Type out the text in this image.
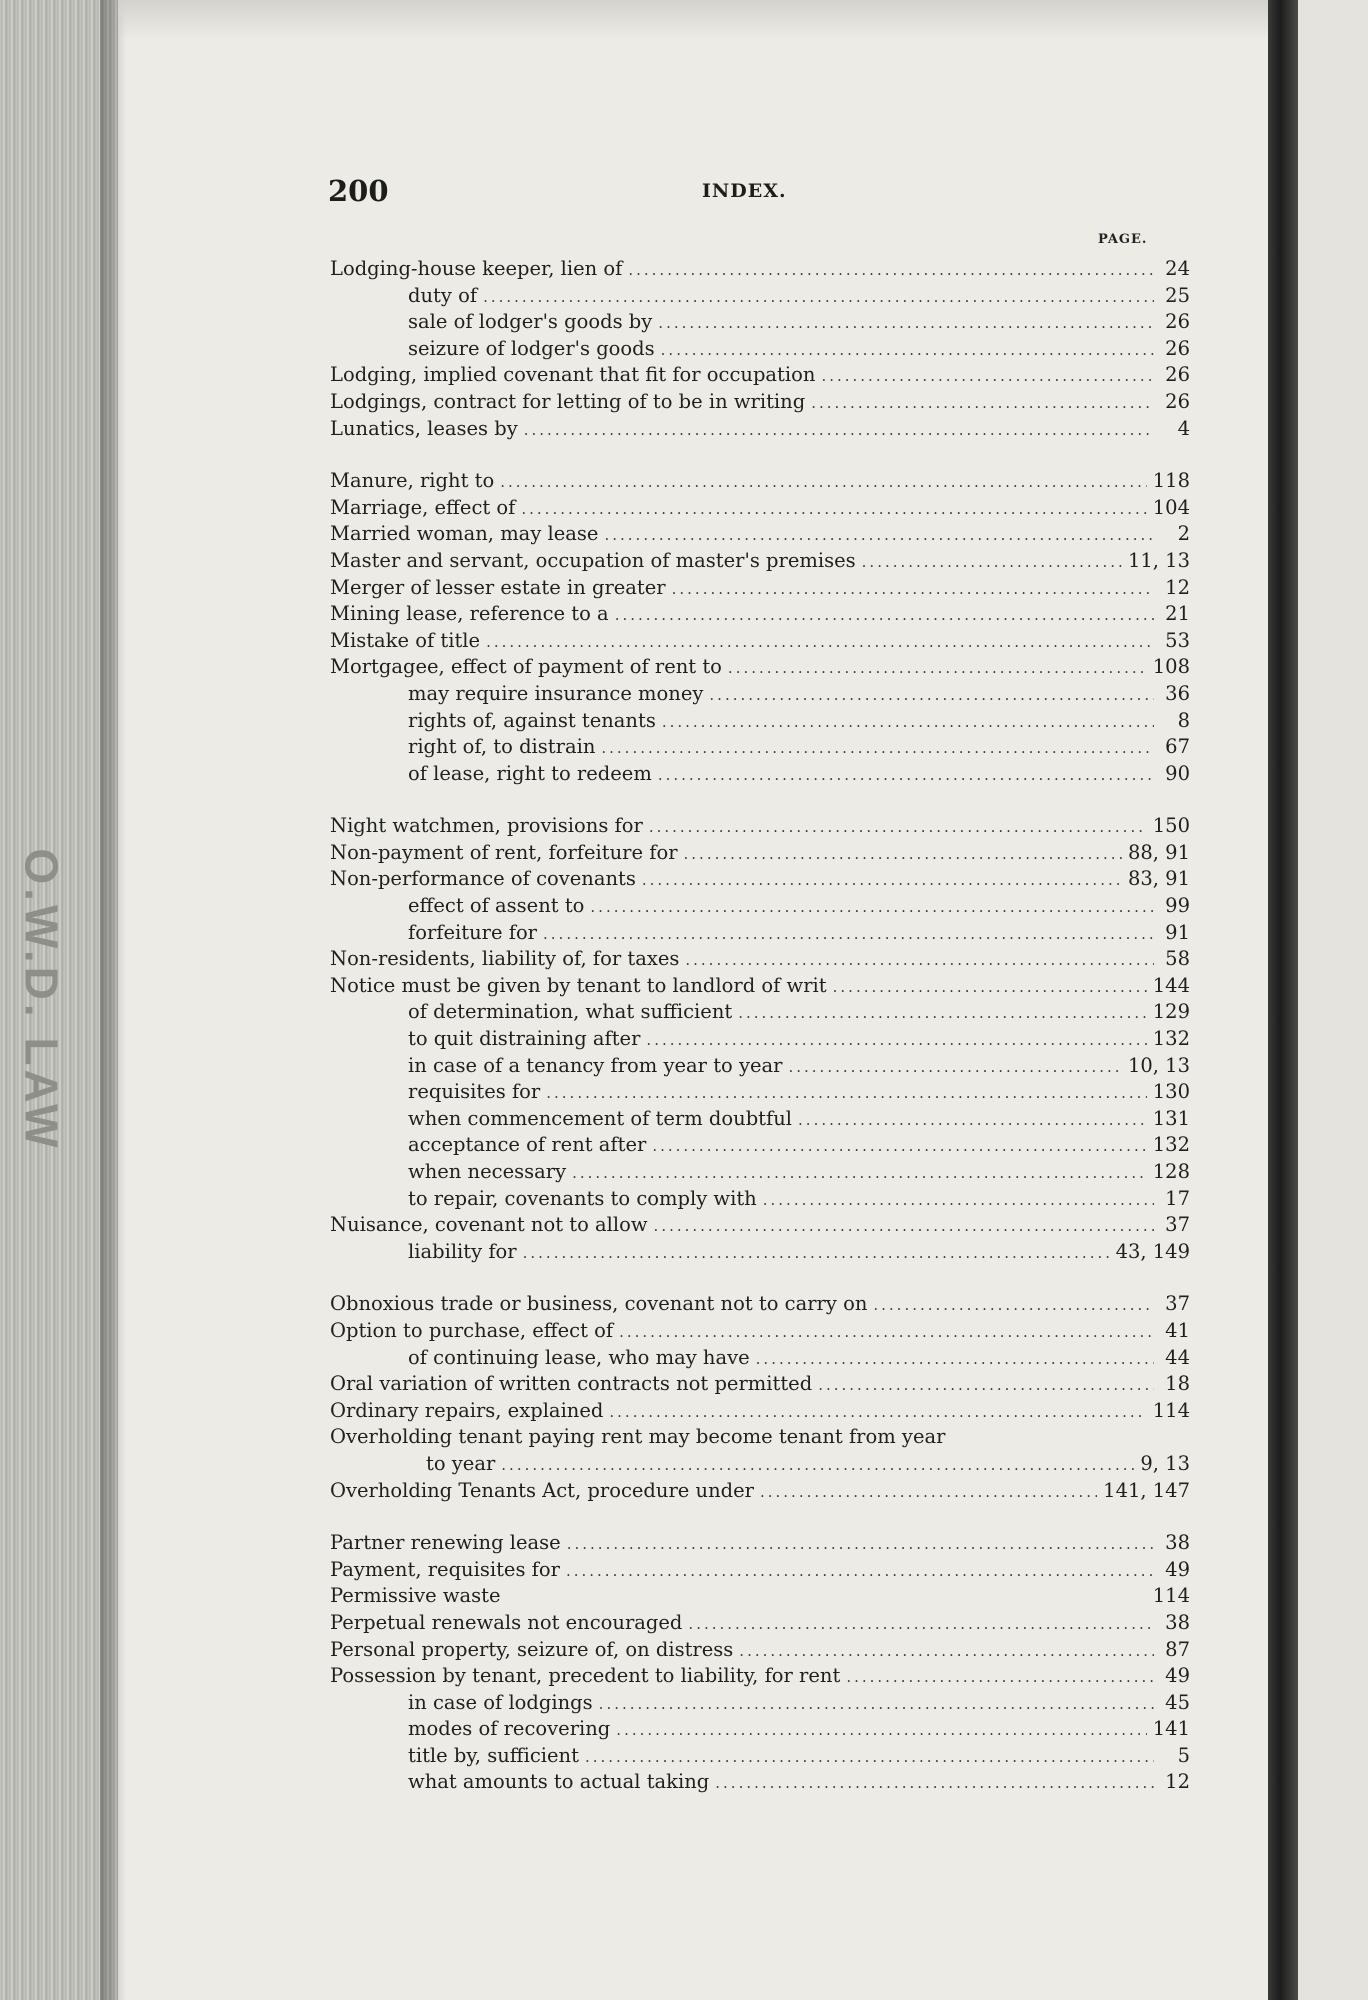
O.W.D. LAW
200	INDEX.
PAGE.
Lodging-house keeper, lien of .....	24
duty of .....	25
sale of lodger's goods by .....	26
seizure of lodger's goods .....	26
Lodging, implied covenant that fit for occupation .....	26
Lodgings, contract for letting of to be in writing .....	26
Lunatics, leases by .....	4
Manure, right to .....	118
Marriage, effect of .....	104
Married woman, may lease .....	2
Master and servant, occupation of master's premises .....	11, 13
Merger of lesser estate in greater .....	12
Mining lease, reference to a .....	21
Mistake of title .....	53
Mortgagee, effect of payment of rent to .....	108
may require insurance money .....	36
rights of, against tenants .....	8
right of, to distrain .....	67
of lease, right to redeem .....	90
Night watchmen, provisions for .....	150
Non-payment of rent, forfeiture for .....	88, 91
Non-performance of covenants .....	83, 91
effect of assent to .....	99
forfeiture for .....	91
Non-residents, liability of, for taxes .....	58
Notice must be given by tenant to landlord of writ .....	144
of determination, what sufficient .....	129
to quit distraining after .....	132
in case of a tenancy from year to year .....	10, 13
requisites for .....	130
when commencement of term doubtful .....	131
acceptance of rent after .....	132
when necessary .....	128
to repair, covenants to comply with .....	17
Nuisance, covenant not to allow .....	37
liability for .....	43, 149
Obnoxious trade or business, covenant not to carry on .....	37
Option to purchase, effect of .....	41
of continuing lease, who may have .....	44
Oral variation of written contracts not permitted .....	18
Ordinary repairs, explained .....	114
Overholding tenant paying rent may become tenant from year
to year .....	9, 13
Overholding Tenants Act, procedure under .....	141, 147
Partner renewing lease .....	38
Payment, requisites for .....	49
Permissive waste	114
Perpetual renewals not encouraged .....	38
Personal property, seizure of, on distress .....	87
Possession by tenant, precedent to liability, for rent .....	49
in case of lodgings .....	45
modes of recovering .....	141
title by, sufficient .....	5
what amounts to actual taking .....	12
